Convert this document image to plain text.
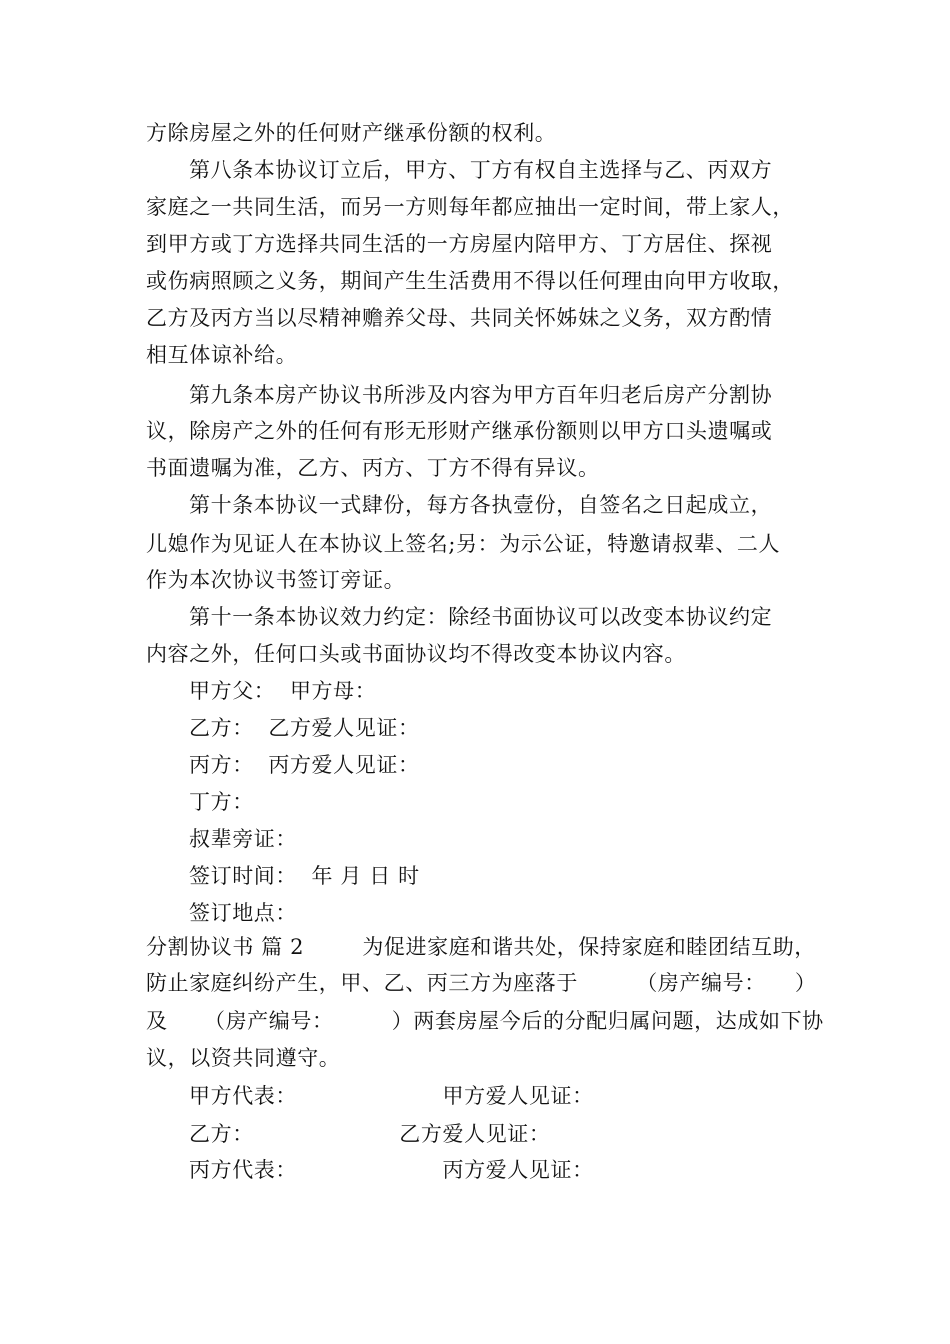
方除房屋之外的任何财产继承份额的权利。
第八条本协议订立后，甲方、丁方有权自主选择与乙、丙双方
家庭之一共同生活，而另一方则每年都应抽出一定时间，带上家人，
到甲方或丁方选择共同生活的一方房屋内陪甲方、丁方居住、探视
或伤病照顾之义务，期间产生生活费用不得以任何理由向甲方收取，
乙方及丙方当以尽精神赡养父母、共同关怀姊妹之义务，双方酌情
相互体谅补给。
第九条本房产协议书所涉及内容为甲方百年归老后房产分割协
议，除房产之外的任何有形无形财产继承份额则以甲方口头遗嘱或
书面遗嘱为准，乙方、丙方、丁方不得有异议。
第十条本协议一式肆份，每方各执壹份，自签名之日起成立，
儿媳作为见证人在本协议上签名;另：为示公证，特邀请叔辈、二人
作为本次协议书签订旁证。
第十一条本协议效力约定：除经书面协议可以改变本协议约定
内容之外，任何口头或书面协议均不得改变本协议内容。
甲方父：  甲方母：
乙方：  乙方爱人见证：
丙方：  丙方爱人见证：
丁方：
叔辈旁证：
签订时间：  年 月 日 时
签订地点：
分割协议书 篇 2        为促进家庭和谐共处，保持家庭和睦团结互助，
防止家庭纠纷产生，甲、乙、丙三方为座落于        （房产编号：    ）
及     （房产编号：        ）两套房屋今后的分配归属问题，达成如下协
议，以资共同遵守。
甲方代表：                    甲方爱人见证：
乙方：                    乙方爱人见证：
丙方代表：                    丙方爱人见证：
